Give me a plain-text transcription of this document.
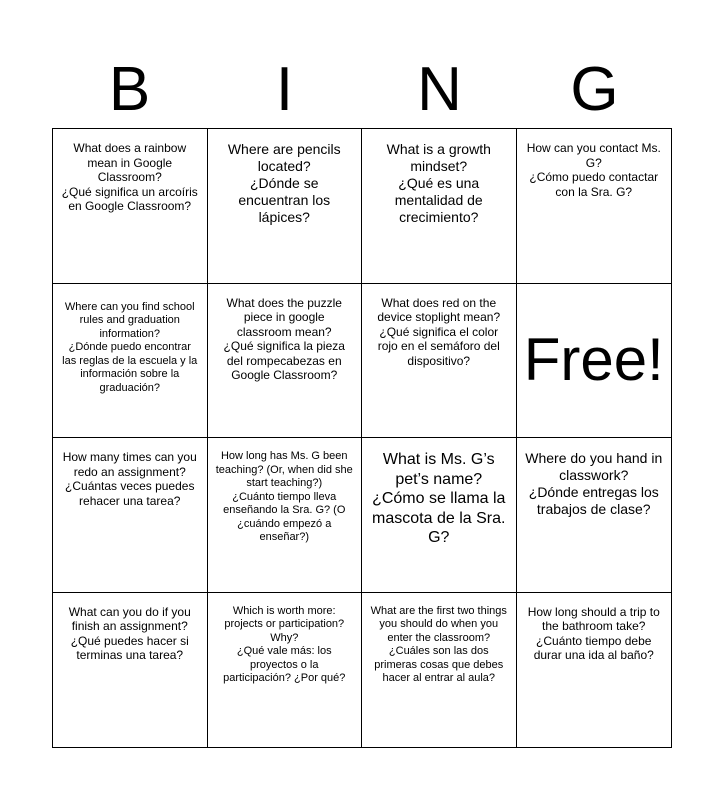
B	I	N	G
What does a rainbow mean in Google Classroom?
¿Qué significa un arcoíris en Google Classroom?
Where are pencils located?
¿Dónde se encuentran los lápices?
What is a growth mindset?
¿Qué es una mentalidad de crecimiento?
How can you contact Ms. G?
¿Cómo puedo contactar con la Sra. G?
Where can you find school rules and graduation information?
¿Dónde puedo encontrar las reglas de la escuela y la información sobre la graduación?
What does the puzzle piece in google classroom mean?
¿Qué significa la pieza del rompecabezas en Google Classroom?
What does red on the device stoplight mean?
¿Qué significa el color rojo en el semáforo del dispositivo? Free!
How many times can you redo an assignment?
¿Cuántas veces puedes rehacer una tarea?
How long has Ms. G been teaching? (Or, when did she start teaching?)
¿Cuánto tiempo lleva enseñando la Sra. G? (O ¿cuándo empezó a enseñar?)
What is Ms. G’s pet’s name?
¿Cómo se llama la mascota de la Sra. G?
Where do you hand in classwork?
¿Dónde entregas los trabajos de clase?
What can you do if you finish an assignment?
¿Qué puedes hacer si terminas una tarea?
Which is worth more: projects or participation? Why?
¿Qué vale más: los proyectos o la participación? ¿Por qué?
What are the first two things you should do when you enter the classroom?
¿Cuáles son las dos primeras cosas que debes hacer al entrar al aula?
How long should a trip to the bathroom take?
¿Cuánto tiempo debe durar una ida al baño?
